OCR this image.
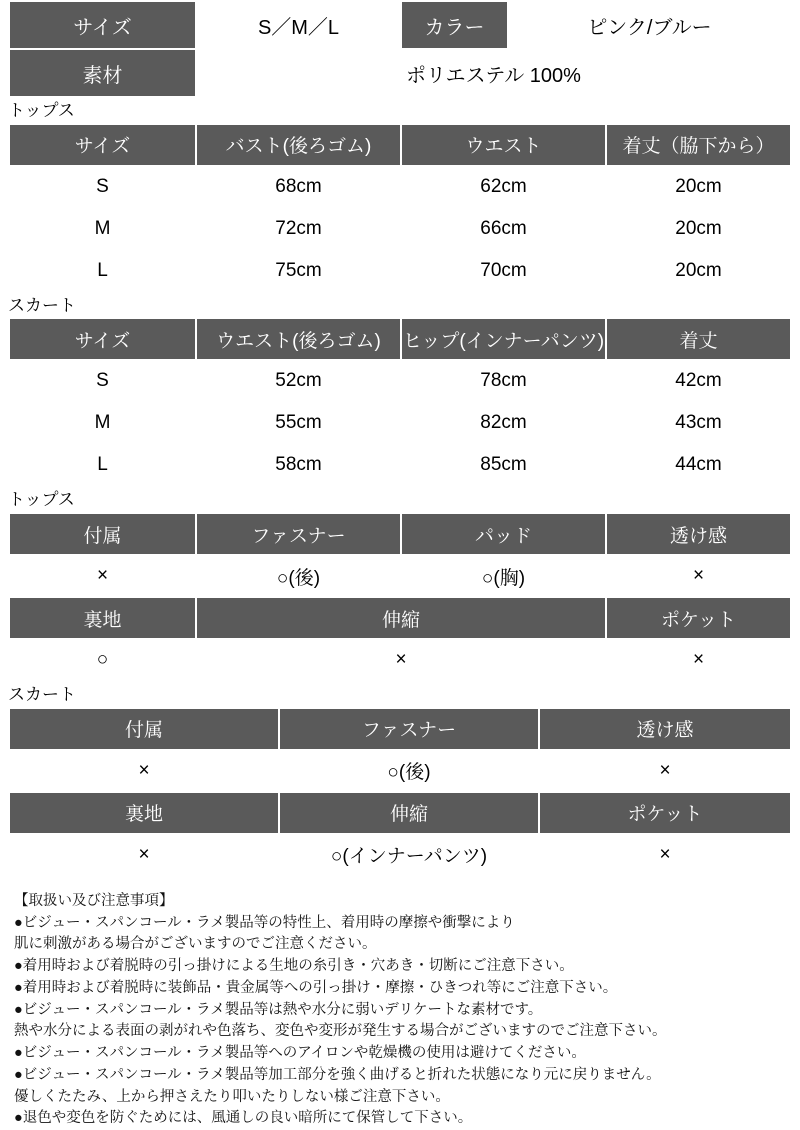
サイズ	S／M／L	カラー	ピンク/ブルー
素材	ポリエステル 100%		
トップス
サイズ	バスト(後ろゴム)	ウエスト	着丈（脇下から）
S	68cm	62cm	20cm
M	72cm	66cm	20cm
L	75cm	70cm	20cm
スカート
サイズ	ウエスト(後ろゴム)	ヒップ(インナーパンツ)	着丈
S	52cm	78cm	42cm
M	55cm	82cm	43cm
L	58cm	85cm	44cm
トップス
付属	ファスナー	パッド	透け感
×	○(後)	○(胸)	×
裏地	伸縮		ポケット
○	×		×
スカート
付属	ファスナー	透け感
×	○(後)	×
裏地	伸縮	ポケット
×	○(インナーパンツ)	×
【取扱い及び注意事項】
●ビジュー・スパンコール・ラメ製品等の特性上、着用時の摩擦や衝撃により
肌に刺激がある場合がございますのでご注意ください。
●着用時および着脱時の引っ掛けによる生地の糸引き・穴あき・切断にご注意下さい。
●着用時および着脱時に装飾品・貴金属等への引っ掛け・摩擦・ひきつれ等にご注意下さい。
●ビジュー・スパンコール・ラメ製品等は熱や水分に弱いデリケートな素材です。
熱や水分による表面の剥がれや色落ち、変色や変形が発生する場合がございますのでご注意下さい。
●ビジュー・スパンコール・ラメ製品等へのアイロンや乾燥機の使用は避けてください。
●ビジュー・スパンコール・ラメ製品等加工部分を強く曲げると折れた状態になり元に戻りません。
優しくたたみ、上から押さえたり叩いたりしない様ご注意下さい。
●退色や変色を防ぐためには、風通しの良い暗所にて保管して下さい。
